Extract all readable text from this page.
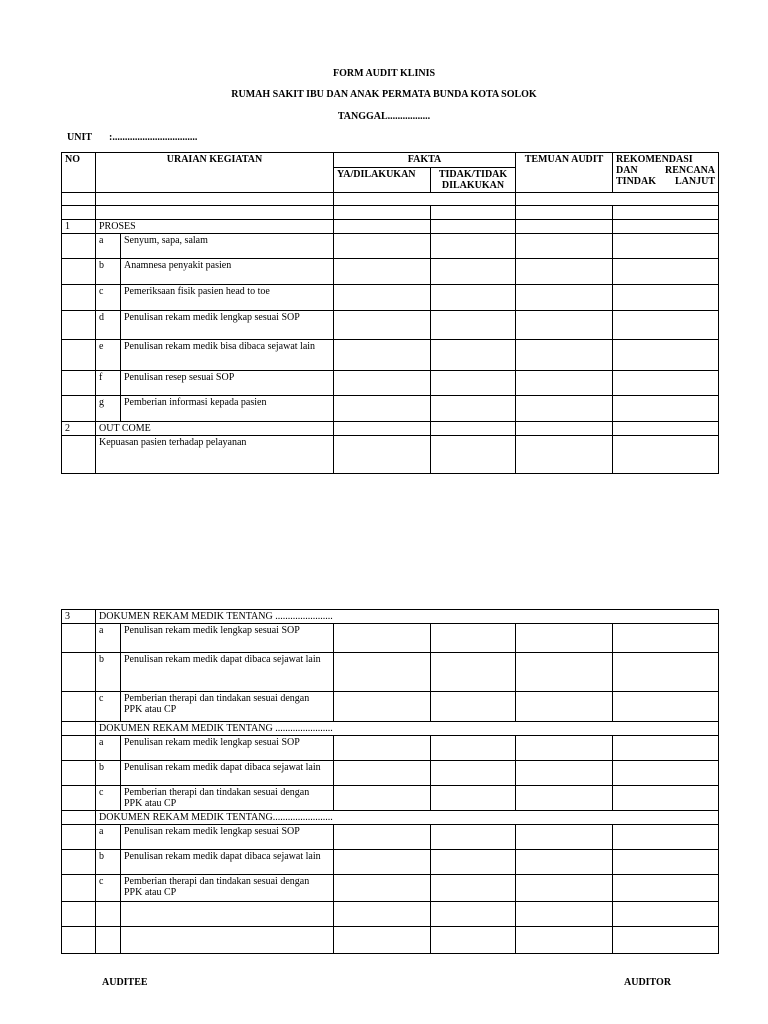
FORM AUDIT KLINIS
RUMAH SAKIT IBU DAN ANAK PERMATA BUNDA KOTA SOLOK
TANGGAL.................
UNIT :..................................
NO	URAIAN KEGIATAN		FAKTA		TEMUAN AUDIT	REKOMENDASI DAN RENCANA TINDAK LANJUT
			YA/DILAKUKAN	TIDAK/TIDAK DILAKUKAN		

1	PROSES					
	a	Senyum, sapa, salam				
	b	Anamnesa penyakit pasien				
	c	Pemeriksaan fisik pasien head to toe				
	d	Penulisan rekam medik lengkap sesuai SOP				
	e	Penulisan rekam medik bisa dibaca sejawat lain				
	f	Penulisan resep sesuai SOP				
	g	Pemberian informasi kepada pasien				
2	OUT COME					
	Kepuasan pasien terhadap pelayanan					
3	DOKUMEN REKAM MEDIK TENTANG .......................					
	a	Penulisan rekam medik lengkap sesuai SOP				
	b	Penulisan rekam medik dapat dibaca sejawat lain				
	c	Pemberian therapi dan tindakan sesuai dengan PPK atau CP				
	DOKUMEN REKAM MEDIK TENTANG .......................					
	a	Penulisan rekam medik lengkap sesuai SOP				
	b	Penulisan rekam medik dapat dibaca sejawat lain				
	c	Pemberian therapi dan tindakan sesuai dengan PPK atau CP				
	DOKUMEN REKAM MEDIK TENTANG........................					
	a	Penulisan rekam medik lengkap sesuai SOP				
	b	Penulisan rekam medik dapat dibaca sejawat lain				
	c	Pemberian therapi dan tindakan sesuai dengan PPK atau CP				

AUDITEE	AUDITOR
